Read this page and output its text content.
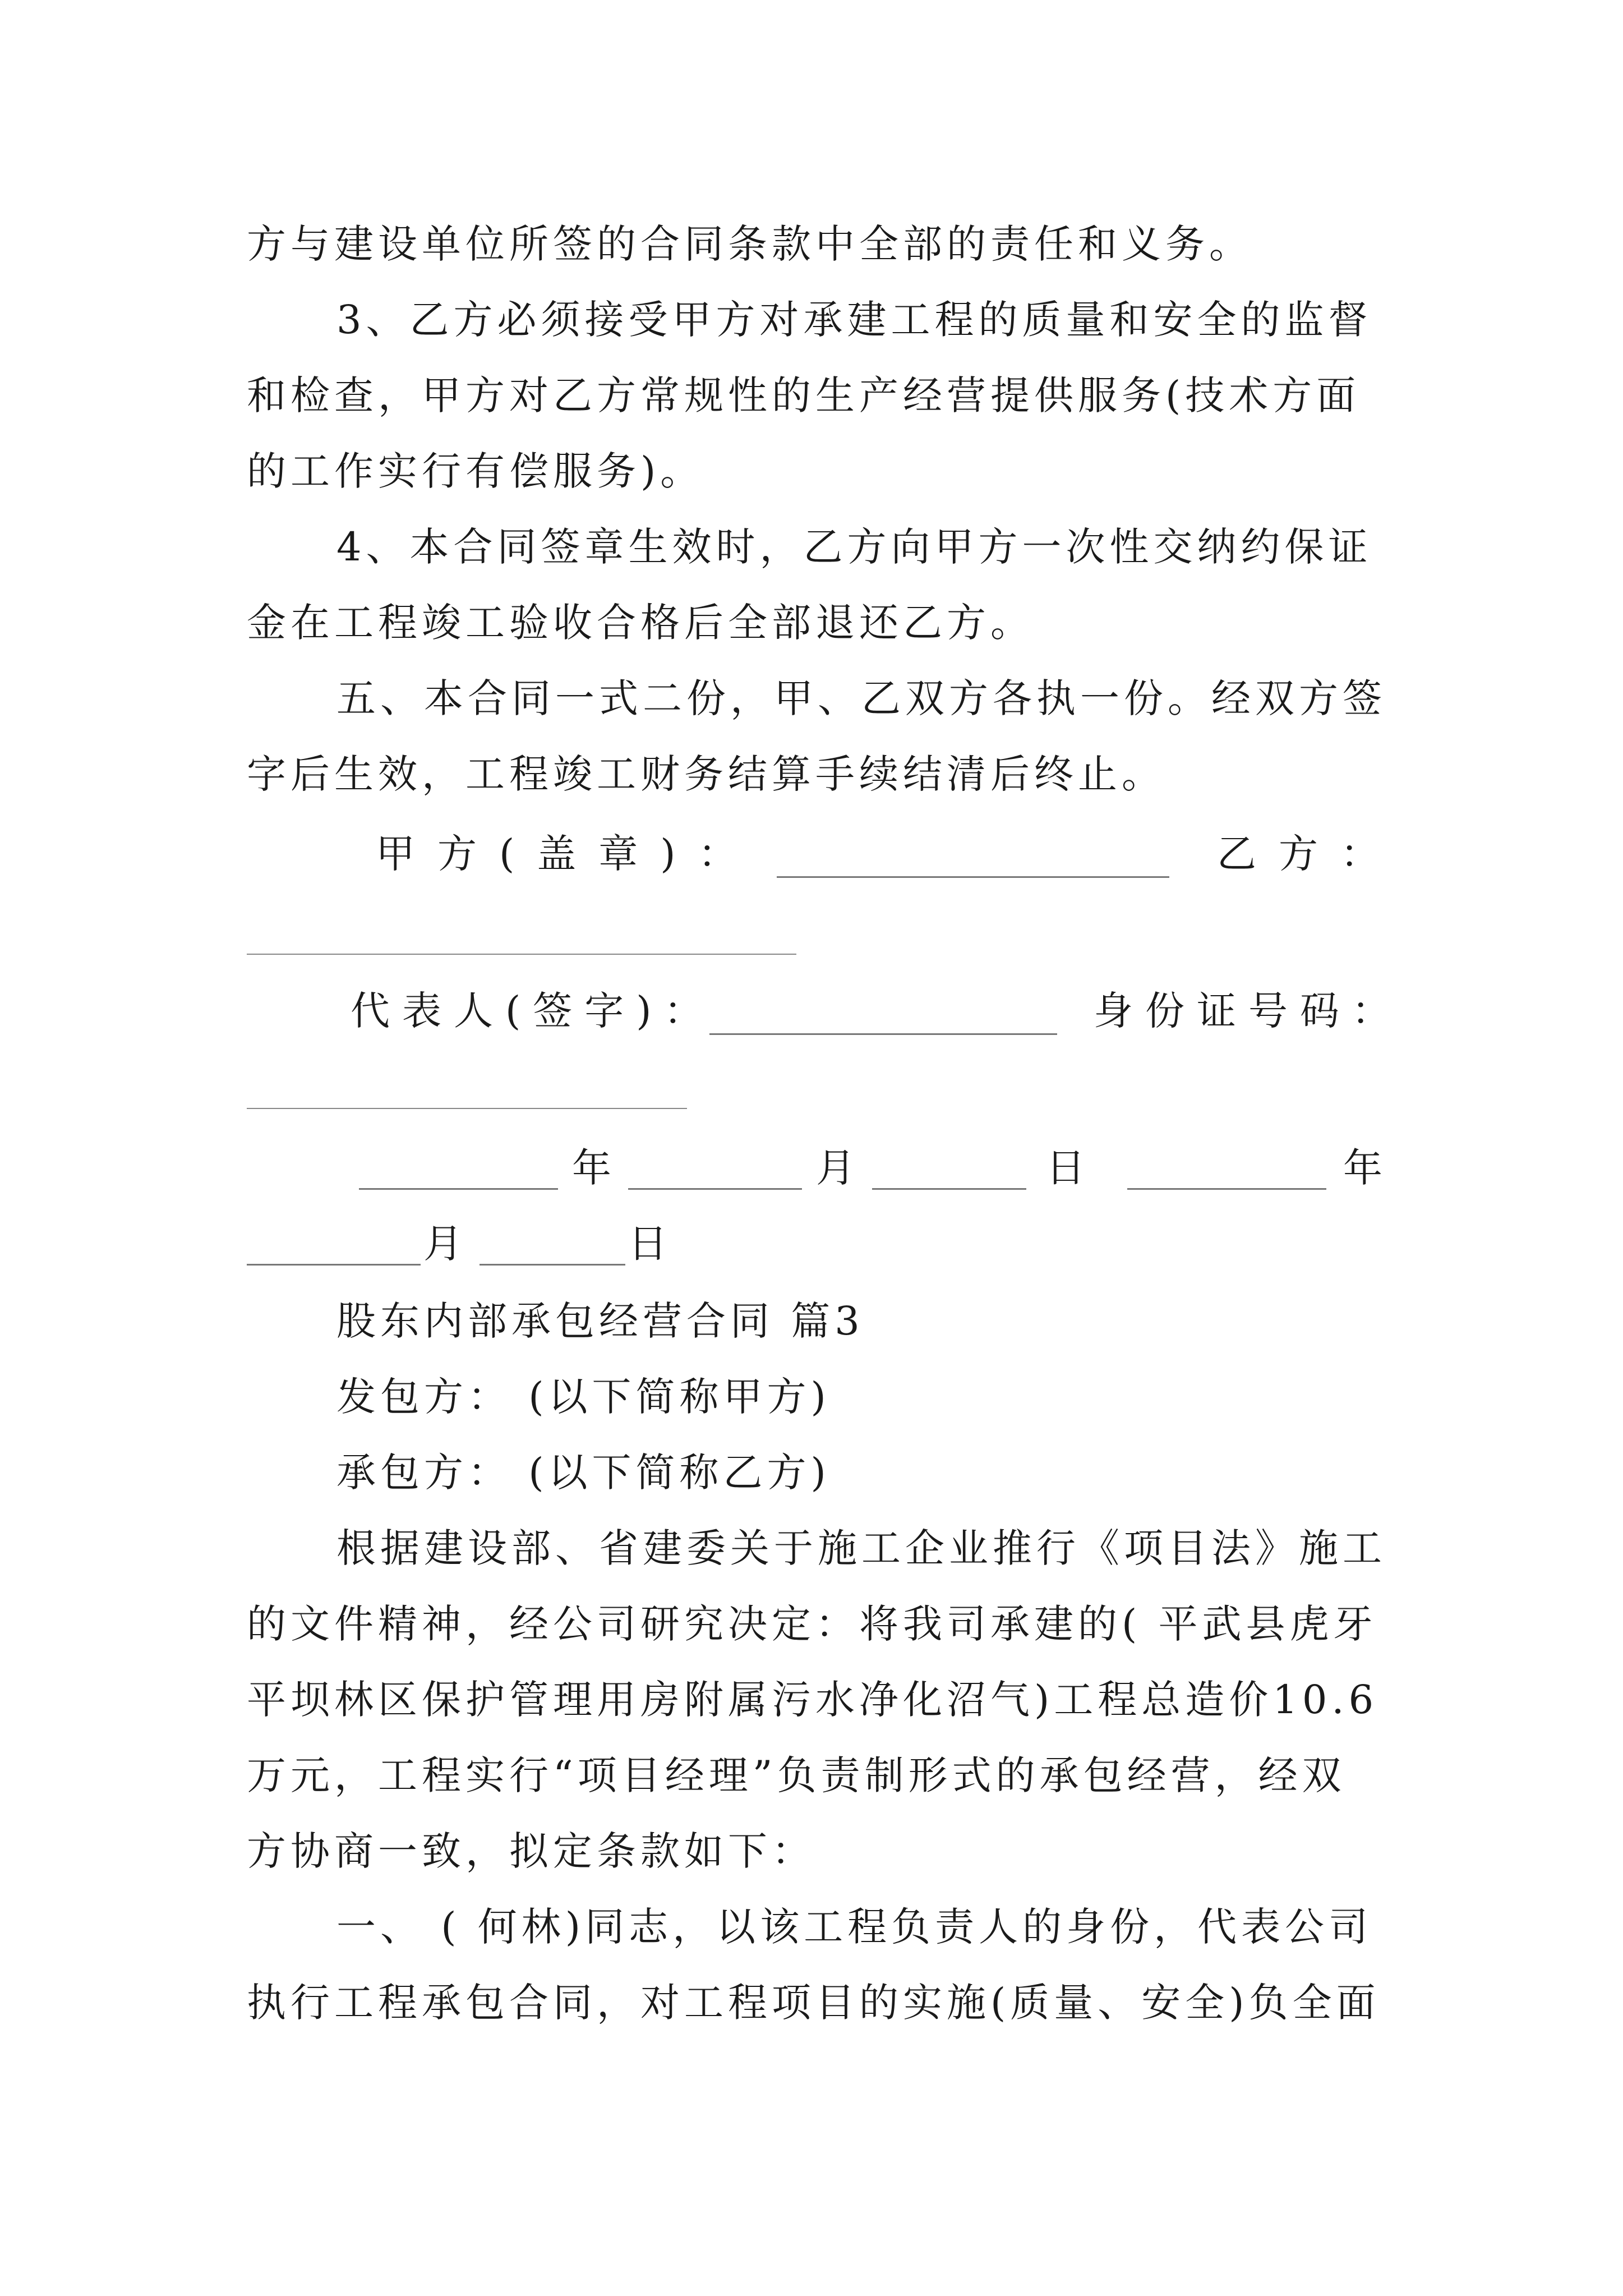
方与建设单位所签的合同条款中全部的责任和义务。
3、乙方必须接受甲方对承建工程的质量和安全的监督
和检查，甲方对乙方常规性的生产经营提供服务(技术方面
的工作实行有偿服务)。
4、本合同签章生效时，乙方向甲方一次性交纳约保证
金在工程竣工验收合格后全部退还乙方。
五、本合同一式二份，甲、乙双方各执一份。经双方签
字后生效，工程竣工财务结算手续结清后终止。
甲方(盖章)：	乙方：
代表人(签字)：	身份证号码：
年	月	日	年
月	日
股东内部承包经营合同 篇3
发包方： (以下简称甲方)
承包方： (以下简称乙方)
根据建设部、省建委关于施工企业推行《项目法》施工
的文件精神，经公司研究决定：将我司承建的( 平武县虎牙
平坝林区保护管理用房附属污水净化沼气)工程总造价10.6
万元，工程实行“项目经理”负责制形式的承包经营，经双
方协商一致，拟定条款如下：
一、 ( 何林)同志，以该工程负责人的身份，代表公司
执行工程承包合同，对工程项目的实施(质量、安全)负全面
